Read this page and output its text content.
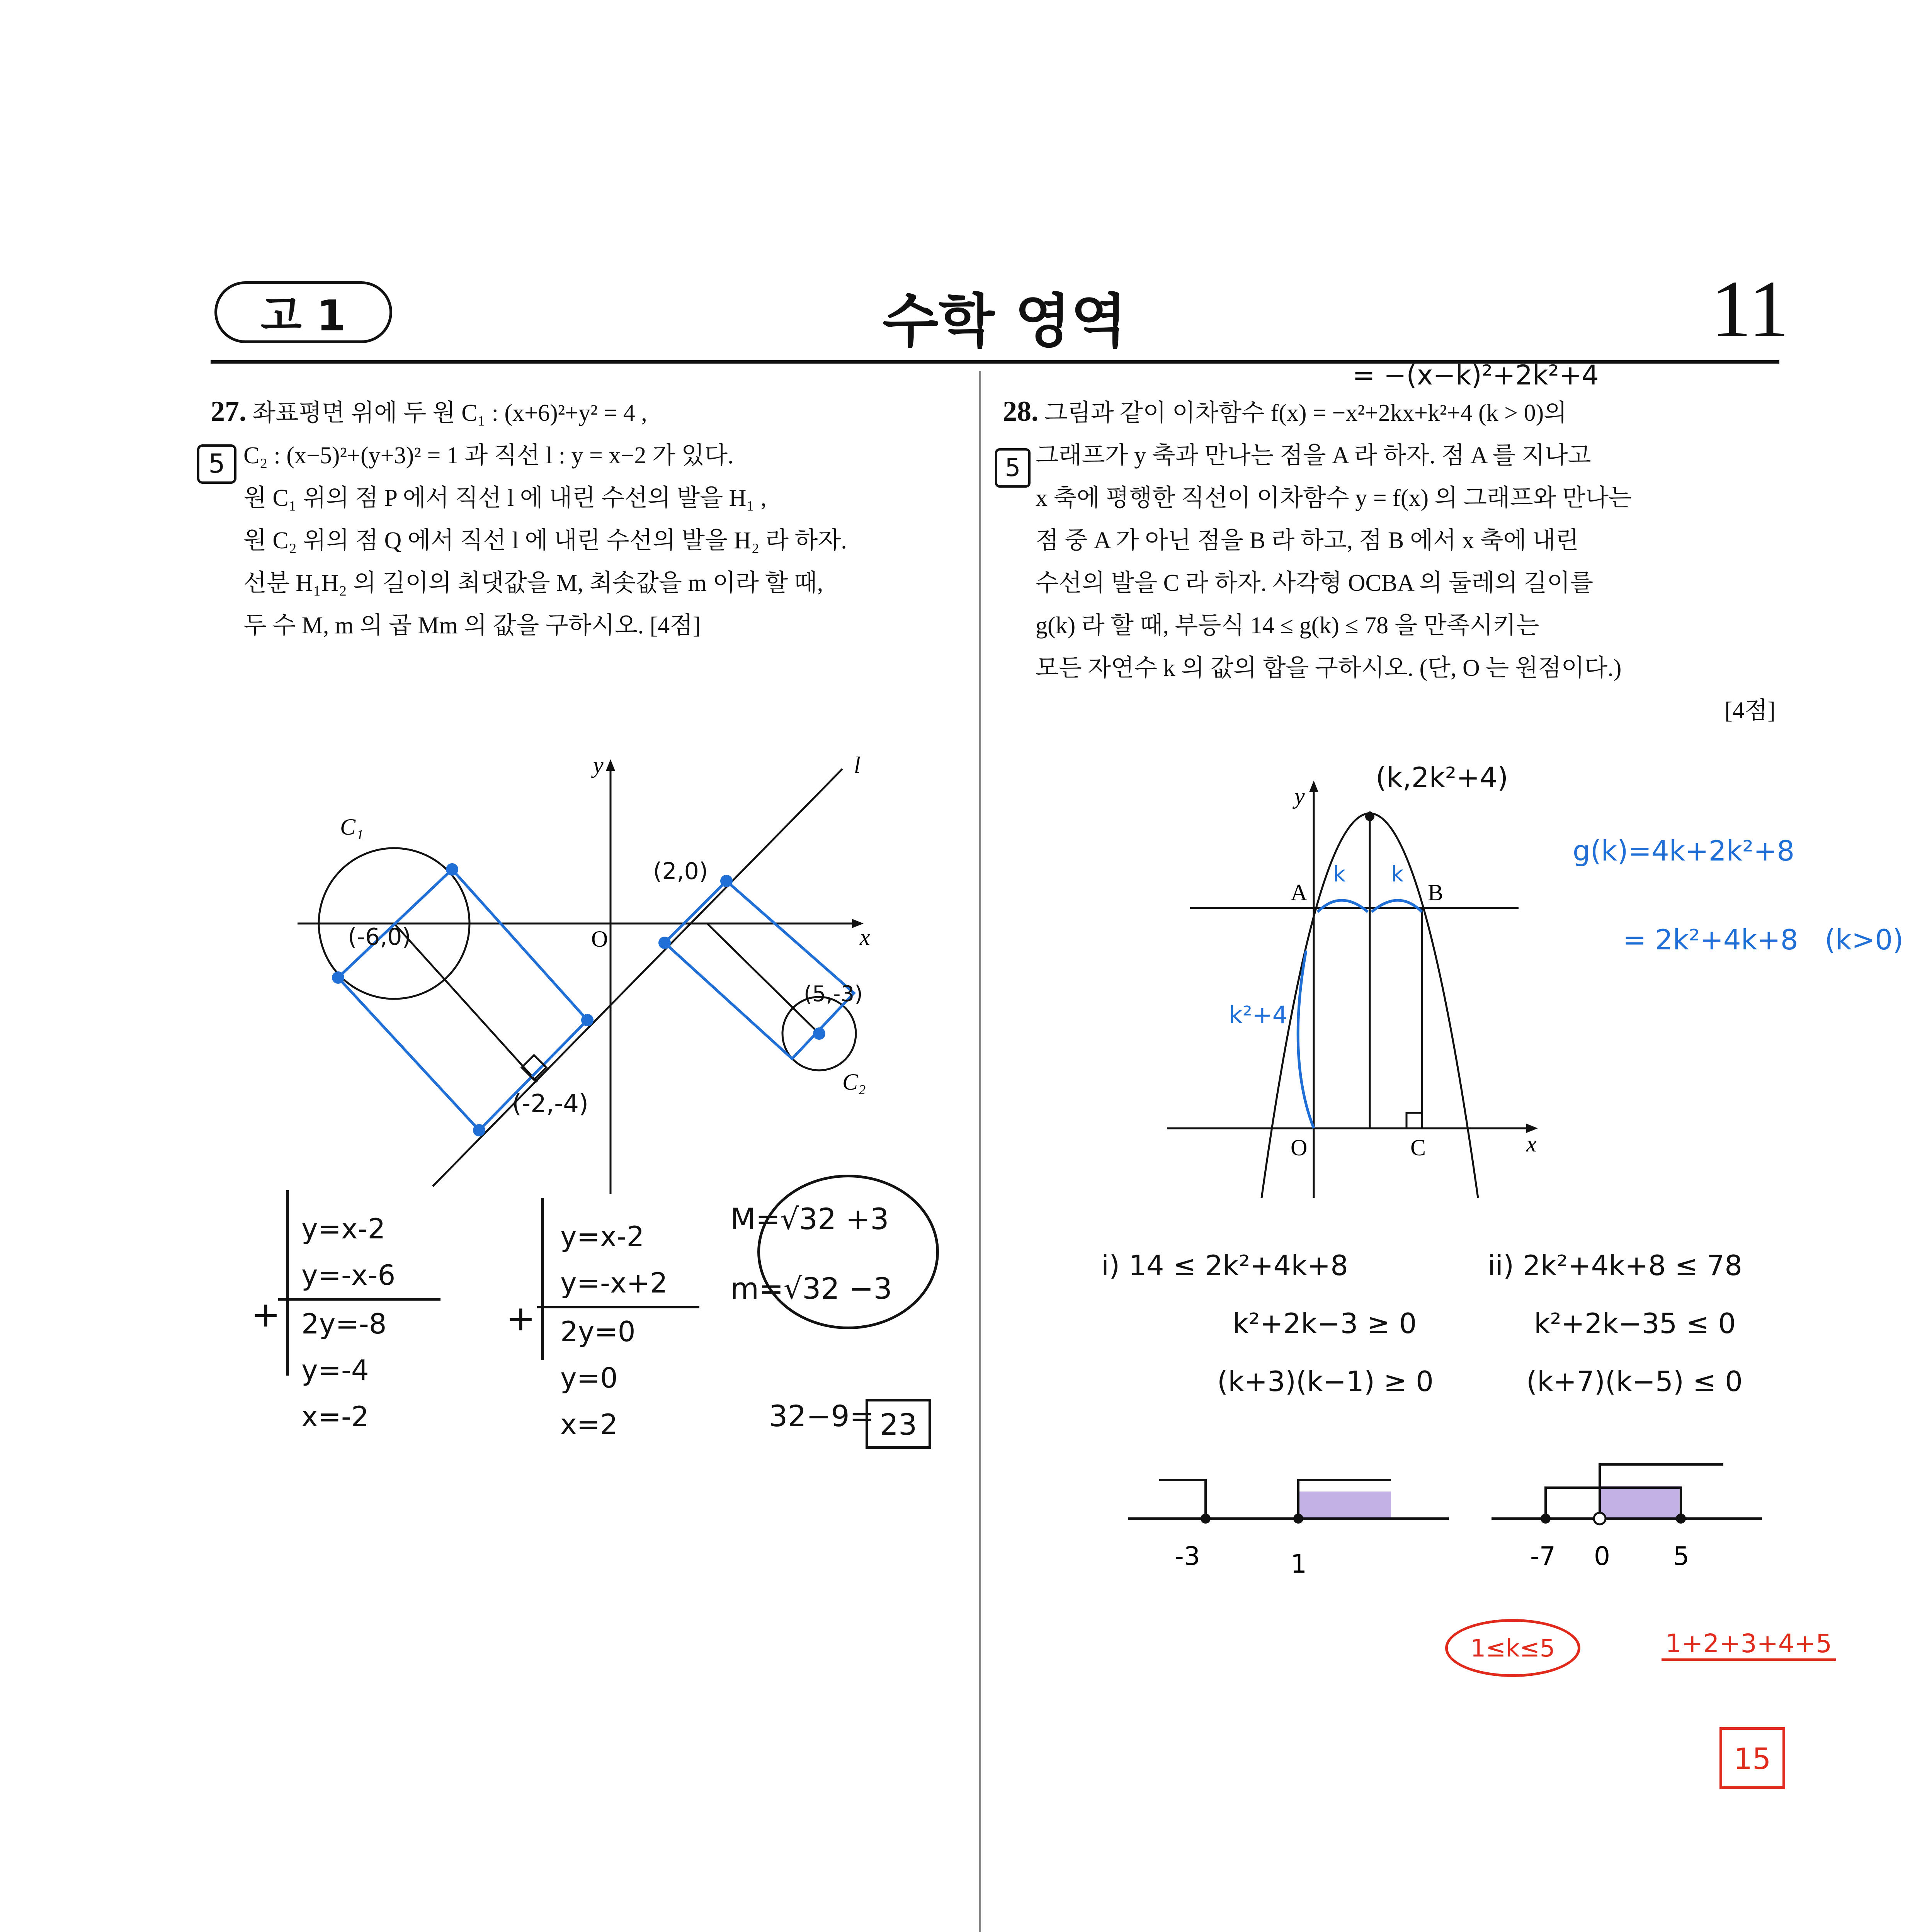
고 1	수학 영역	11
27. 좌표평면 위에 두 원 C₁ : (x+6)²+y² = 4 ,
C₂ : (x−5)²+(y+3)² = 1 과 직선 l : y = x−2 가 있다.
원 C₁ 위의 점 P 에서 직선 l 에 내린 수선의 발을 H₁ ,
원 C₂ 위의 점 Q 에서 직선 l 에 내린 수선의 발을 H₂ 라 하자.
선분 H₁H₂ 의 길이의 최댓값을 M, 최솟값을 m 이라 할 때,
두 수 M, m 의 곱 Mm 의 값을 구하시오. [4점]
28. 그림과 같이 이차함수 f(x) = −x²+2kx+k²+4 (k > 0)의
그래프가 y 축과 만나는 점을 A 라 하자. 점 A 를 지나고
x 축에 평행한 직선이 이차함수 y = f(x) 의 그래프와 만나는
점 중 A 가 아닌 점을 B 라 하고, 점 B 에서 x 축에 내린
수선의 발을 C 라 하자. 사각형 OCBA 의 둘레의 길이를
g(k) 라 할 때, 부등식 14 ≤ g(k) ≤ 78 을 만족시키는
모든 자연수 k 의 값의 합을 구하시오. (단, O 는 원점이다.)
[4점]
y
x
O
l
C₁
C₂
5
(-6,0)
(5,-3)
(2,0)
(-2,-4)
y=x-2
y=-x-6
2y=-8
y=-4
x=-2
+
y=x-2
y=-x+2
2y=0
y=0
x=2
+
M=√32 +3
m=√32 −3
32−9= 23
y
x
O
A	B
C
5
= −(x−k)²+2k²+4
(k,2k²+4)
k k
k²+4
g(k)=4k+2k²+8
= 2k²+4k+8   (k>0)
i) 14 ≤ 2k²+4k+8
k²+2k−3 ≥ 0
(k+3)(k−1) ≥ 0
ii) 2k²+4k+8 ≤ 78
k²+2k−35 ≤ 0
(k+7)(k−5) ≤ 0
-3	1	-7 0 5
1≤k≤5	1+2+3+4+5
15
